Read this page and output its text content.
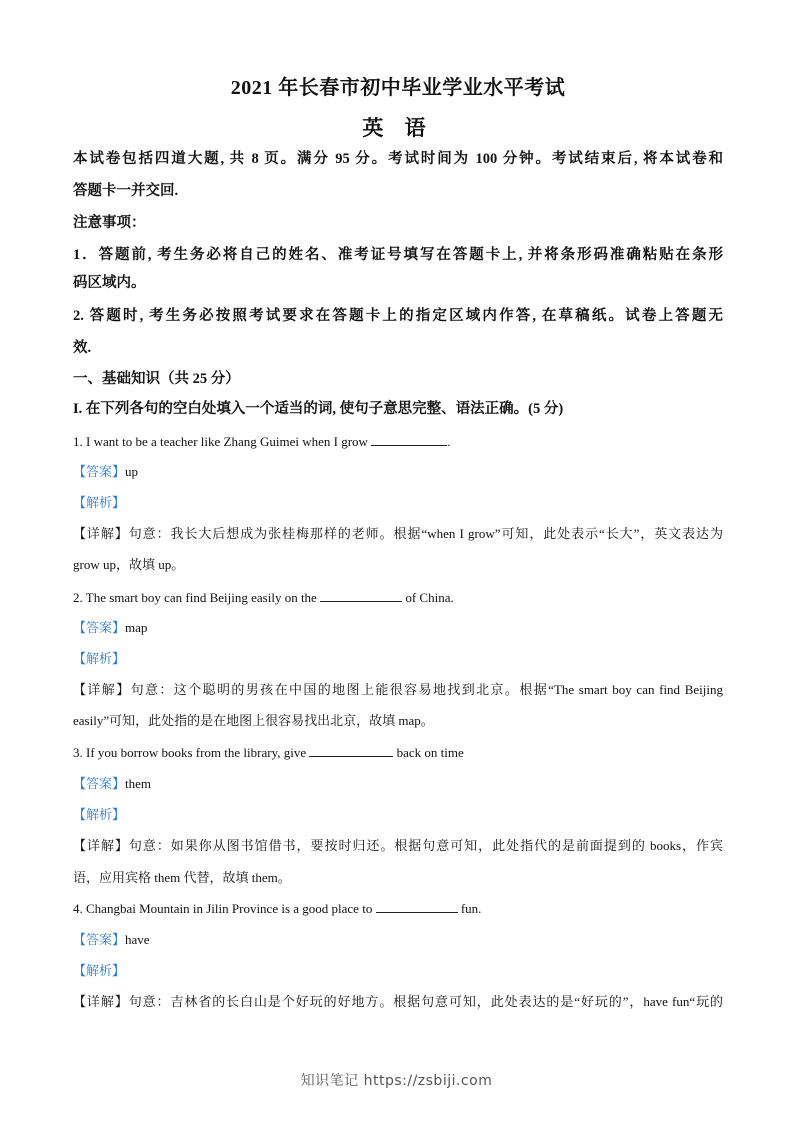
2021 年长春市初中毕业学业水平考试
英 语
本试卷包括四道大题, 共 8 页。满分 95 分。考试时间为 100 分钟。考试结束后, 将本试卷和
答题卡一并交回.
注意事项：
1．答题前, 考生务必将自己的姓名、准考证号填写在答题卡上, 并将条形码准确粘贴在条形
码区域内。
2. 答题时, 考生务必按照考试要求在答题卡上的指定区域内作答, 在草稿纸。试卷上答题无
效.
一、基础知识（共 25 分）
I. 在下列各句的空白处填入一个适当的词, 使句子意思完整、语法正确。(5 分)
1. I want to be a teacher like Zhang Guimei when I grow	.
【答案】up
【解析】
【详解】句意：我长大后想成为张桂梅那样的老师。根据“when I grow”可知，此处表示“长大”，英文表达为
grow up，故填 up。
2. The smart boy can find Beijing easily on the	of China.
【答案】map
【解析】
【详解】句意：这个聪明的男孩在中国的地图上能很容易地找到北京。根据“The smart boy can find Beijing
easily”可知，此处指的是在地图上很容易找出北京，故填 map。
3. If you borrow books from the library, give	back on time
【答案】them
【解析】
【详解】句意：如果你从图书馆借书，要按时归还。根据句意可知，此处指代的是前面提到的 books，作宾
语，应用宾格 them 代替，故填 them。
4. Changbai Mountain in Jilin Province is a good place to	fun.
【答案】have
【解析】
【详解】句意：吉林省的长白山是个好玩的好地方。根据句意可知，此处表达的是“好玩的”，have fun“玩的
知识笔记 https://zsbiji.com
